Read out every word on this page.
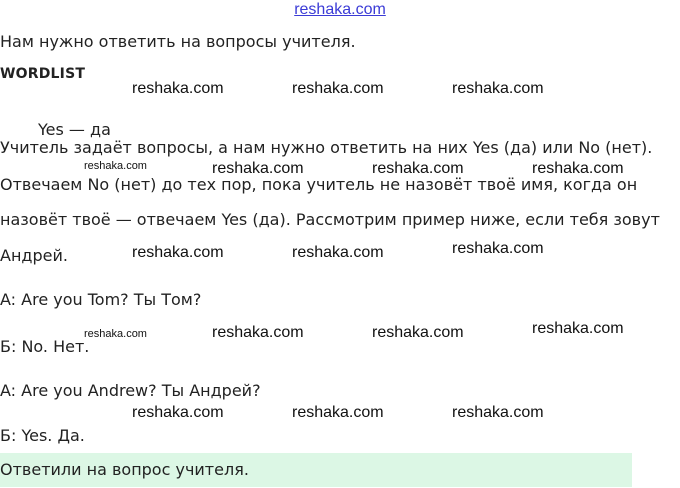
reshaka.com
Нам нужно ответить на вопросы учителя.
WORDLIST
Yes — да
Учитель задаёт вопросы, а нам нужно ответить на них Yes (да) или No (нет).
Отвечаем No (нет) до тех пор, пока учитель не назовёт твоё имя, когда он
назовёт твоё — отвечаем Yes (да). Рассмотрим пример ниже, если тебя зовут
Андрей.
A: Are you Tom? Ты Том?
Б: No. Нет.
A: Are you Andrew? Ты Андрей?
Б: Yes. Да.
Ответили на вопрос учителя.
reshaka.com	reshaka.com	reshaka.com
reshaka.com	reshaka.com	reshaka.com	reshaka.com
reshaka.com	reshaka.com	reshaka.com
reshaka.com	reshaka.com	reshaka.com	reshaka.com
reshaka.com	reshaka.com	reshaka.com
